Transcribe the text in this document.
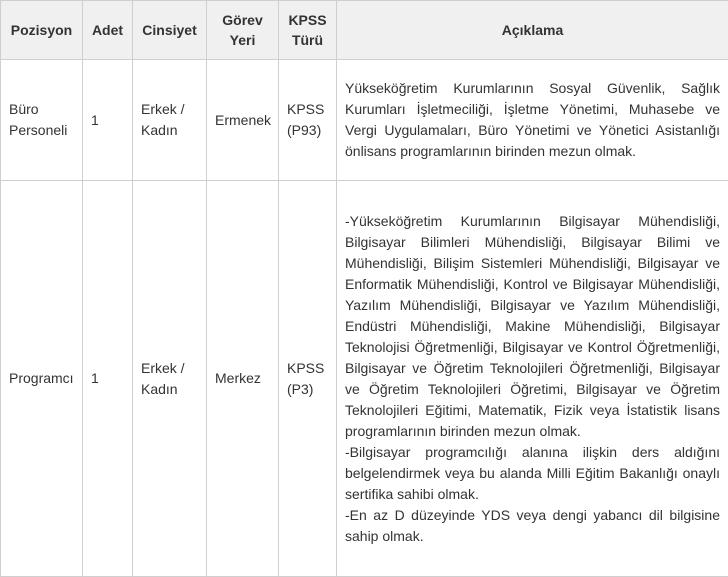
Pozisyon	Adet	Cinsiyet	Görev Yeri	KPSS Türü	Açıklama
Büro Personeli	1	Erkek / Kadın	Ermenek	KPSS (P93)	Yükseköğretim Kurumlarının Sosyal Güvenlik, Sağlık Kurumları İşletmeciliği, İşletme Yönetimi, Muhasebe ve Vergi Uygulamaları, Büro Yönetimi ve Yönetici Asistanlığı önlisans programlarının birinden mezun olmak.

Programcı	1	Erkek / Kadın	Merkez	KPSS (P3)	-Yükseköğretim Kurumlarının Bilgisayar Mühendisliği, Bilgisayar Bilimleri Mühendisliği, Bilgisayar Bilimi ve Mühendisliği, Bilişim Sistemleri Mühendisliği, Bilgisayar ve Enformatik Mühendisliği, Kontrol ve Bilgisayar Mühendisliği, Yazılım Mühendisliği, Bilgisayar ve Yazılım Mühendisliği, Endüstri Mühendisliği, Makine Mühendisliği, Bilgisayar Teknolojisi Öğretmenliği, Bilgisayar ve Kontrol Öğretmenliği, Bilgisayar ve Öğretim Teknolojileri Öğretmenliği, Bilgisayar ve Öğretim Teknolojileri Öğretimi, Bilgisayar ve Öğretim Teknolojileri Eğitimi, Matematik, Fizik veya İstatistik lisans programlarının birinden mezun olmak.
-Bilgisayar programcılığı alanına ilişkin ders aldığını belgelendirmek veya bu alanda Milli Eğitim Bakanlığı onaylı sertifika sahibi olmak.
-En az D düzeyinde YDS veya dengi yabancı dil bilgisine sahip olmak.
